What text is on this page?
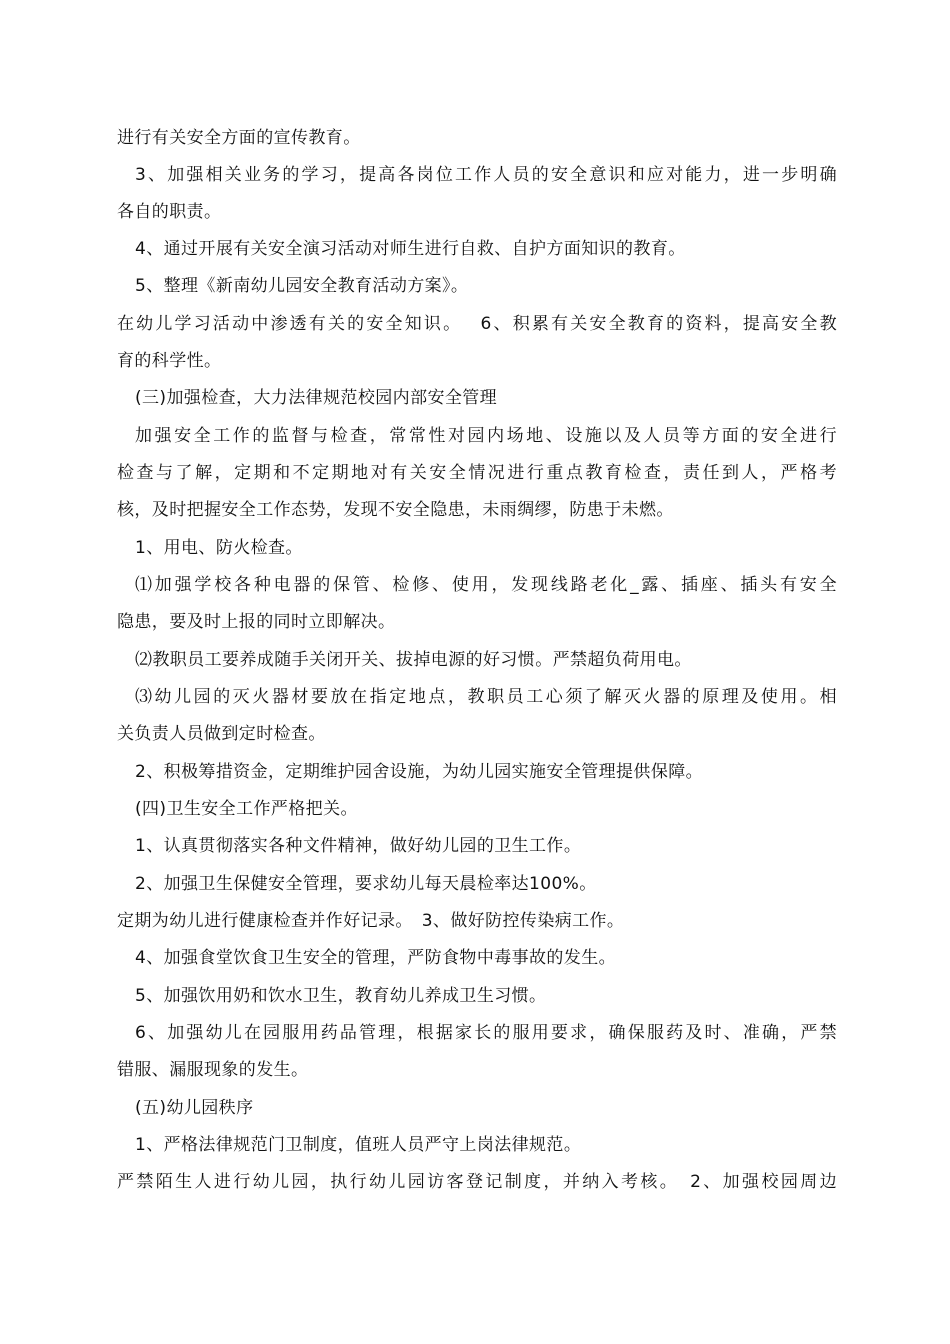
进行有关安全方面的宣传教育。
3、加强相关业务的学习，提高各岗位工作人员的安全意识和应对能力，进一步明确
各自的职责。
4、通过开展有关安全演习活动对师生进行自救、自护方面知识的教育。
5、整理《新南幼儿园安全教育活动方案》。
在幼儿学习活动中渗透有关的安全知识。　 6、积累有关安全教育的资料，提高安全教
育的科学性。
(三)加强检查，大力法律规范校园内部安全管理
加强安全工作的监督与检查，常常性对园内场地、设施以及人员等方面的安全进行
检查与了解，定期和不定期地对有关安全情况进行重点教育检查，责任到人，严格考
核，及时把握安全工作态势，发现不安全隐患，未雨绸缪，防患于未燃。
1、用电、防火检查。
⑴加强学校各种电器的保管、检修、使用，发现线路老化_露、插座、插头有安全
隐患，要及时上报的同时立即解决。
⑵教职员工要养成随手关闭开关、拔掉电源的好习惯。严禁超负荷用电。
⑶幼儿园的灭火器材要放在指定地点，教职员工心须了解灭火器的原理及使用。相
关负责人员做到定时检查。
2、积极筹措资金，定期维护园舍设施，为幼儿园实施安全管理提供保障。
(四)卫生安全工作严格把关。
1、认真贯彻落实各种文件精神，做好幼儿园的卫生工作。
2、加强卫生保健安全管理，要求幼儿每天晨检率达100%。
定期为幼儿进行健康检查并作好记录。　3、做好防控传染病工作。
4、加强食堂饮食卫生安全的管理，严防食物中毒事故的发生。
5、加强饮用奶和饮水卫生，教育幼儿养成卫生习惯。
6、加强幼儿在园服用药品管理，根据家长的服用要求，确保服药及时、准确，严禁
错服、漏服现象的发生。
(五)幼儿园秩序
1、严格法律规范门卫制度，值班人员严守上岗法律规范。
严禁陌生人进行幼儿园，执行幼儿园访客登记制度，并纳入考核。　2、加强校园周边
